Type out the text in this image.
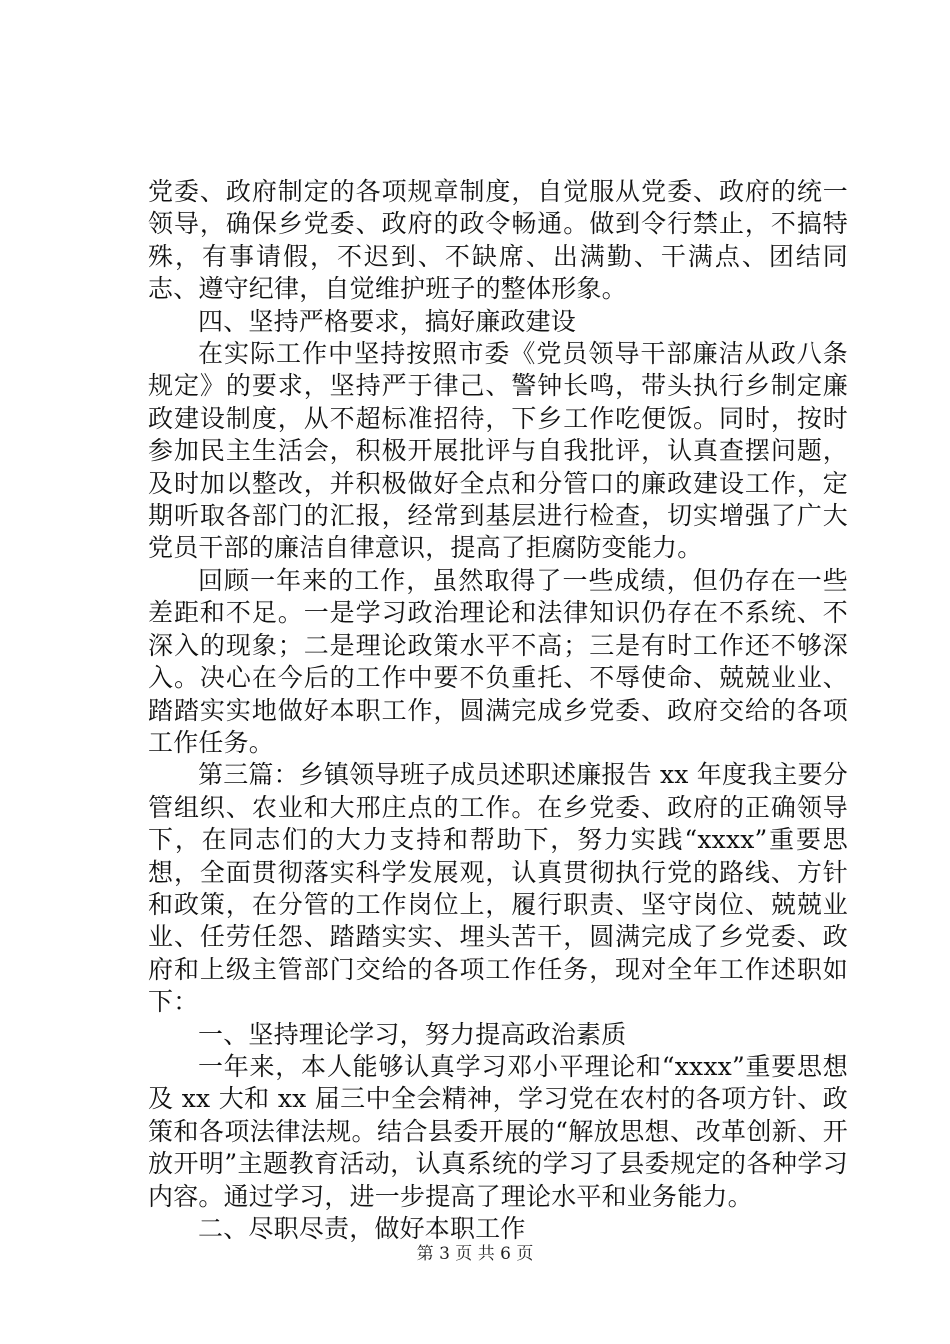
党委、政府制定的各项规章制度，自觉服从党委、政府的统一领导，确保乡党委、政府的政令畅通。做到令行禁止，不搞特殊，有事请假，不迟到、不缺席、出满勤、干满点、团结同志、遵守纪律，自觉维护班子的整体形象。

四、坚持严格要求，搞好廉政建设

在实际工作中坚持按照市委《党员领导干部廉洁从政八条规定》的要求，坚持严于律己、警钟长鸣，带头执行乡制定廉政建设制度，从不超标准招待，下乡工作吃便饭。同时，按时参加民主生活会，积极开展批评与自我批评，认真查摆问题，及时加以整改，并积极做好全点和分管口的廉政建设工作，定期听取各部门的汇报，经常到基层进行检查，切实增强了广大党员干部的廉洁自律意识，提高了拒腐防变能力。

回顾一年来的工作，虽然取得了一些成绩，但仍存在一些差距和不足。一是学习政治理论和法律知识仍存在不系统、不深入的现象；二是理论政策水平不高；三是有时工作还不够深入。决心在今后的工作中要不负重托、不辱使命、兢兢业业、踏踏实实地做好本职工作，圆满完成乡党委、政府交给的各项工作任务。

第三篇：乡镇领导班子成员述职述廉报告 xx 年度我主要分管组织、农业和大邢庄点的工作。在乡党委、政府的正确领导下，在同志们的大力支持和帮助下，努力实践“xxxx”重要思想，全面贯彻落实科学发展观，认真贯彻执行党的路线、方针和政策，在分管的工作岗位上，履行职责、坚守岗位、兢兢业业、任劳任怨、踏踏实实、埋头苦干，圆满完成了乡党委、政府和上级主管部门交给的各项工作任务，现对全年工作述职如下：

一、坚持理论学习，努力提高政治素质

一年来，本人能够认真学习邓小平理论和“xxxx”重要思想及 xx 大和 xx 届三中全会精神，学习党在农村的各项方针、政策和各项法律法规。结合县委开展的“解放思想、改革创新、开放开明”主题教育活动，认真系统的学习了县委规定的各种学习内容。通过学习，进一步提高了理论水平和业务能力。

二、尽职尽责，做好本职工作

第 3 页 共 6 页
